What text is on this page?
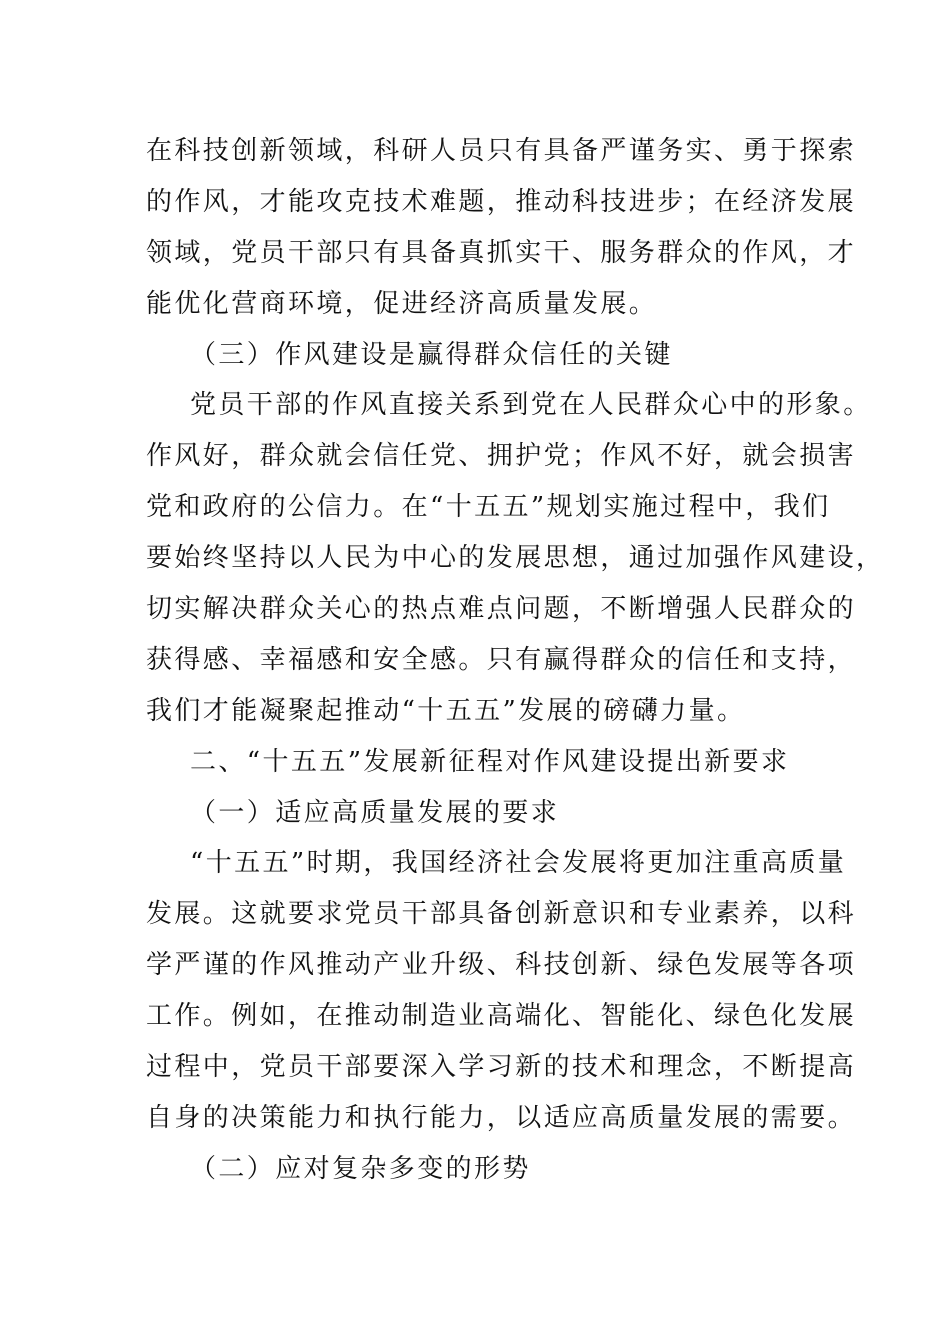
在科技创新领域，科研人员只有具备严谨务实、勇于探索
的作风，才能攻克技术难题，推动科技进步；在经济发展
领域，党员干部只有具备真抓实干、服务群众的作风，才
能优化营商环境，促进经济高质量发展。
（三）作风建设是赢得群众信任的关键
党员干部的作风直接关系到党在人民群众心中的形象。
作风好，群众就会信任党、拥护党；作风不好，就会损害
党和政府的公信力。在“十五五”规划实施过程中，我们
要始终坚持以人民为中心的发展思想，通过加强作风建设，
切实解决群众关心的热点难点问题，不断增强人民群众的
获得感、幸福感和安全感。只有赢得群众的信任和支持，
我们才能凝聚起推动“十五五”发展的磅礴力量。
二、“十五五”发展新征程对作风建设提出新要求
（一）适应高质量发展的要求
“十五五”时期，我国经济社会发展将更加注重高质量
发展。这就要求党员干部具备创新意识和专业素养，以科
学严谨的作风推动产业升级、科技创新、绿色发展等各项
工作。例如，在推动制造业高端化、智能化、绿色化发展
过程中，党员干部要深入学习新的技术和理念，不断提高
自身的决策能力和执行能力，以适应高质量发展的需要。
（二）应对复杂多变的形势
